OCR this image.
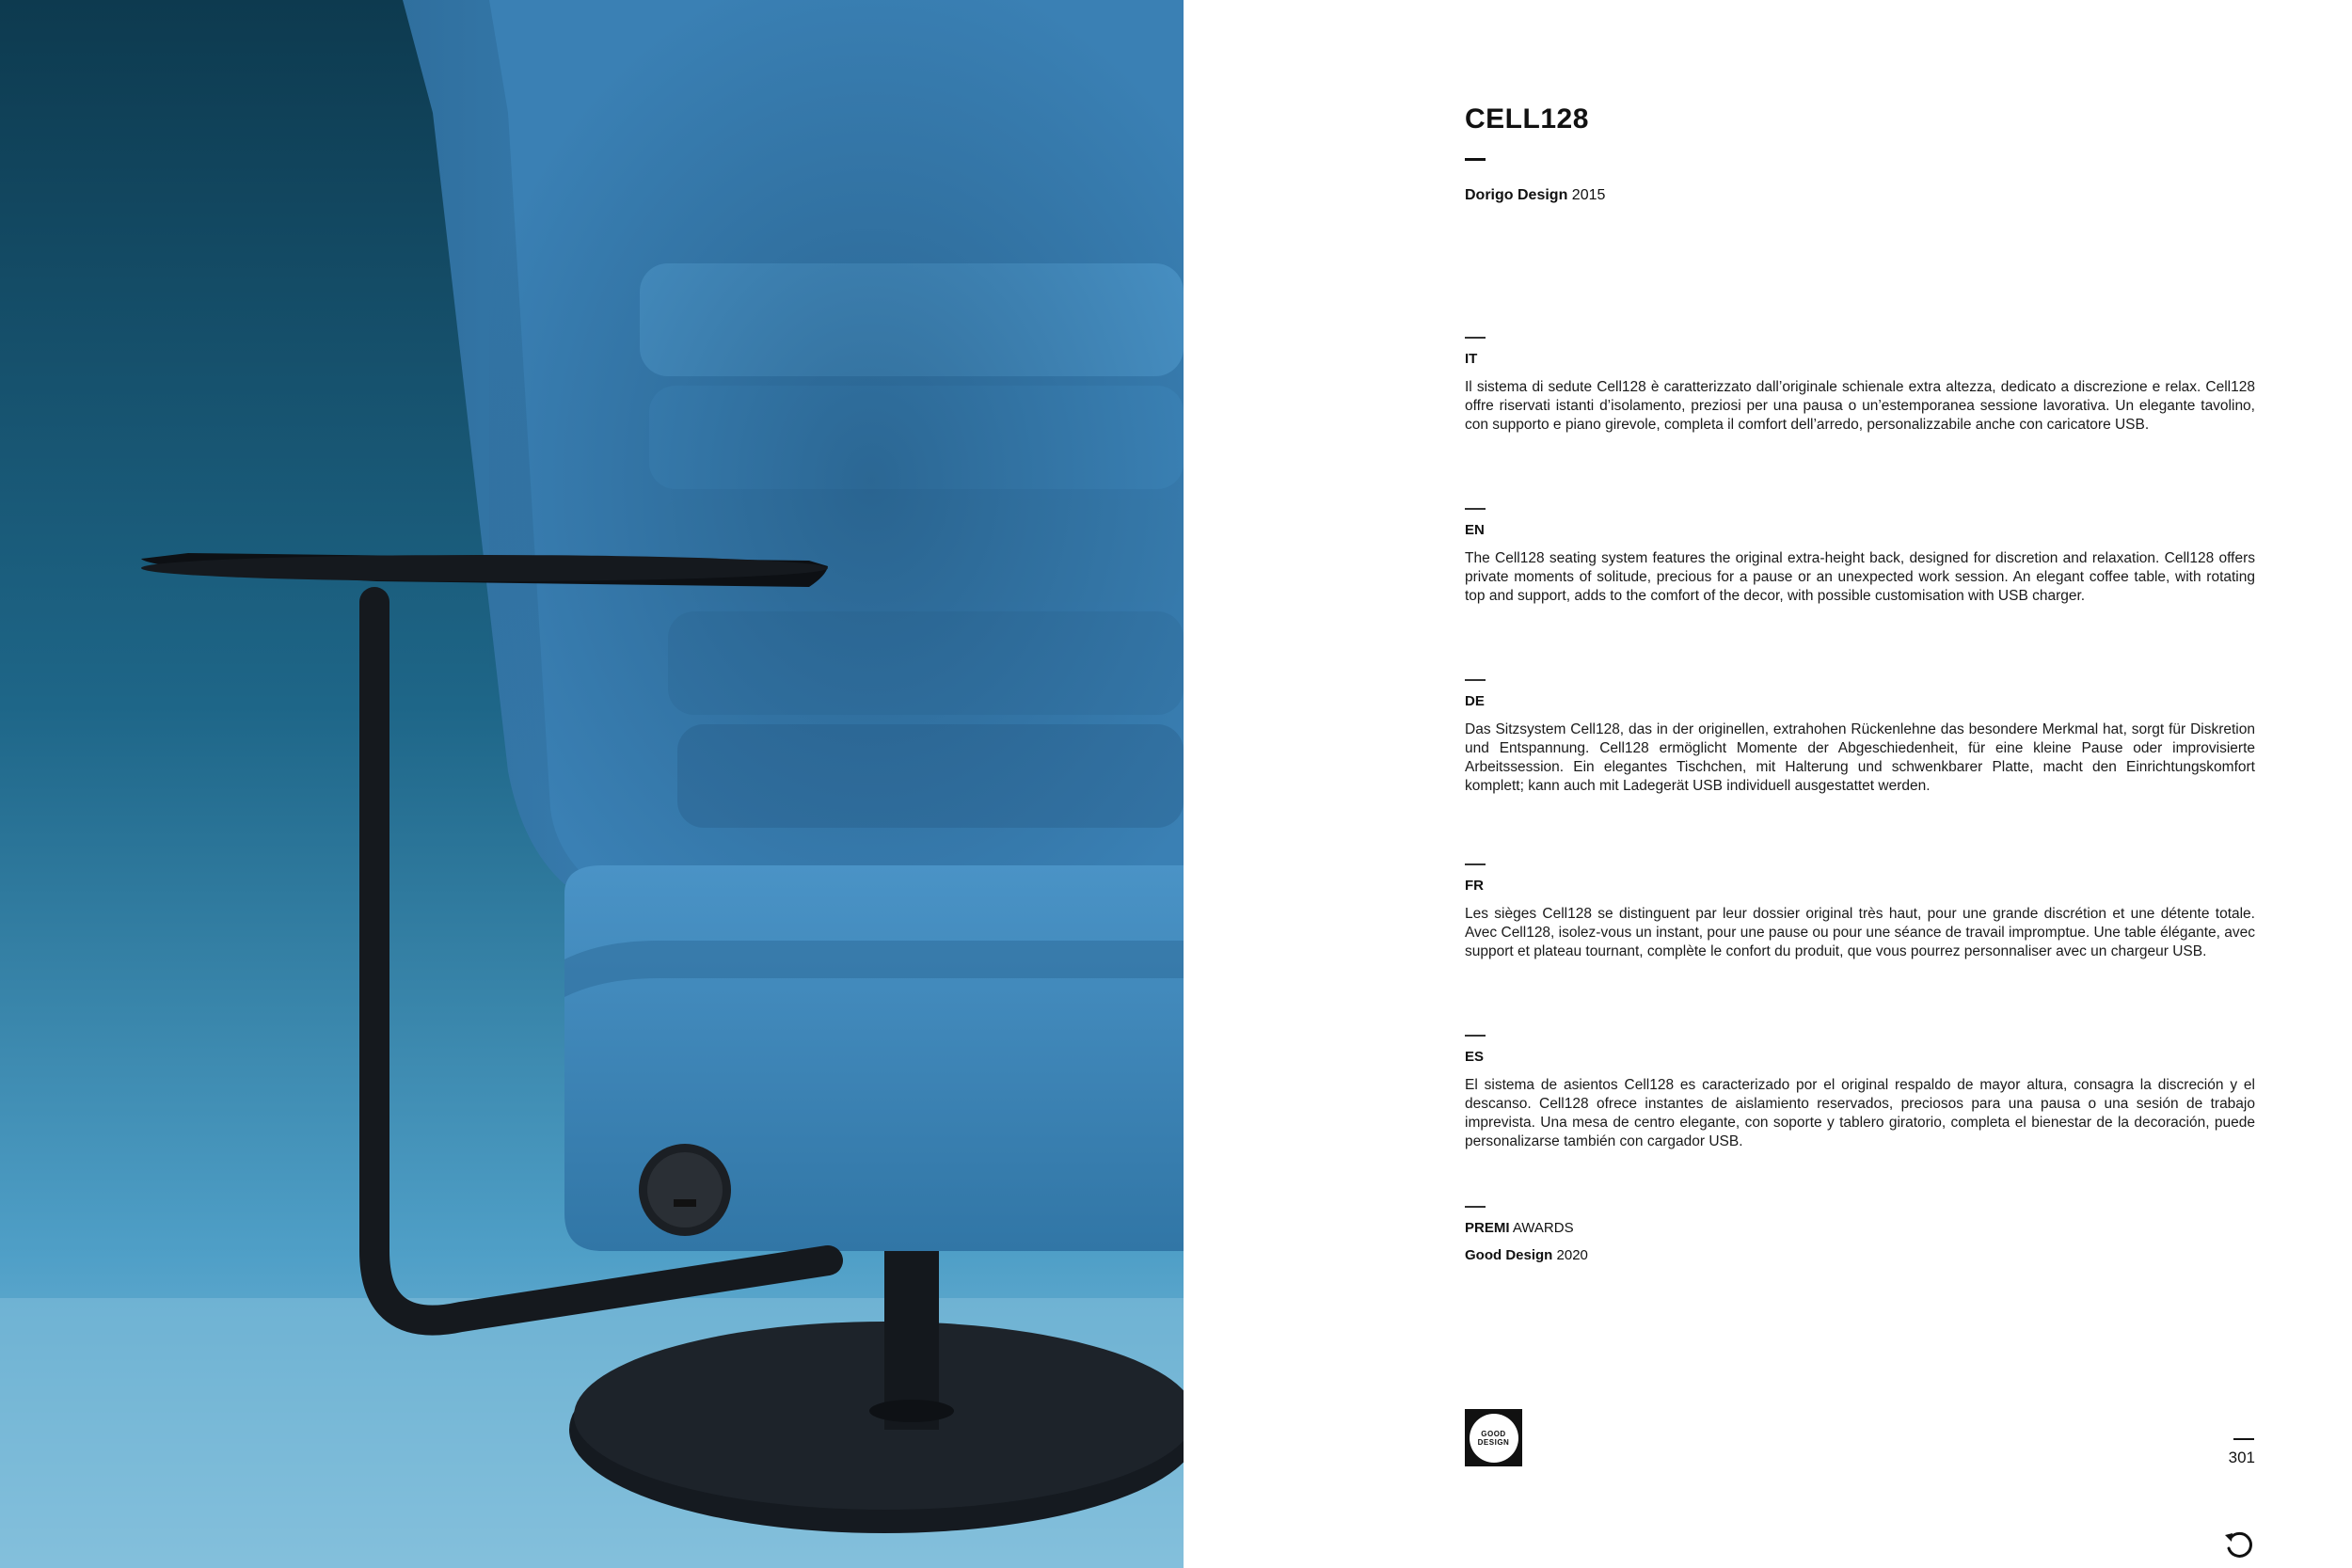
CELL128
Dorigo Design 2015
IT
Il sistema di sedute Cell128 è caratterizzato dall’originale schienale extra altezza, dedicato a discrezione e relax. Cell128 offre riservati istanti d’isolamento, preziosi per una pausa o un’estemporanea sessione lavorativa. Un elegante tavolino, con supporto e piano girevole, completa il comfort dell’arredo, personalizzabile anche con caricatore USB.
EN
The Cell128 seating system features the original extra-height back, designed for discretion and relaxation. Cell128 offers private moments of solitude, precious for a pause or an unexpected work session. An elegant coffee table, with rotating top and support, adds to the comfort of the decor, with possible customisation with USB charger.
DE
Das Sitzsystem Cell128, das in der originellen, extrahohen Rückenlehne das besondere Merkmal hat, sorgt für Diskretion und Entspannung. Cell128 ermöglicht Momente der Abgeschiedenheit, für eine kleine Pause oder improvisierte Arbeitssession. Ein elegantes Tischchen, mit Halterung und schwenkbarer Platte, macht den Einrichtungskomfort komplett; kann auch mit Ladegerät USB individuell ausgestattet werden.
FR
Les sièges Cell128 se distinguent par leur dossier original très haut, pour une grande discrétion et une détente totale. Avec Cell128, isolez-vous un instant, pour une pause ou pour une séance de travail impromptue. Une table élégante, avec support et plateau tournant, complète le confort du produit, que vous pourrez personnaliser avec un chargeur USB.
ES
El sistema de asientos Cell128 es caracterizado por el original respaldo de mayor altura, consagra la discreción y el descanso. Cell128 ofrece instantes de aislamiento reservados, preciosos para una pausa o una sesión de trabajo imprevista. Una mesa de centro elegante, con soporte y tablero giratorio, completa el bienestar de la decoración, puede personalizarse también con cargador USB.
PREMI AWARDS
Good Design 2020
GOOD
DESIGN
301
